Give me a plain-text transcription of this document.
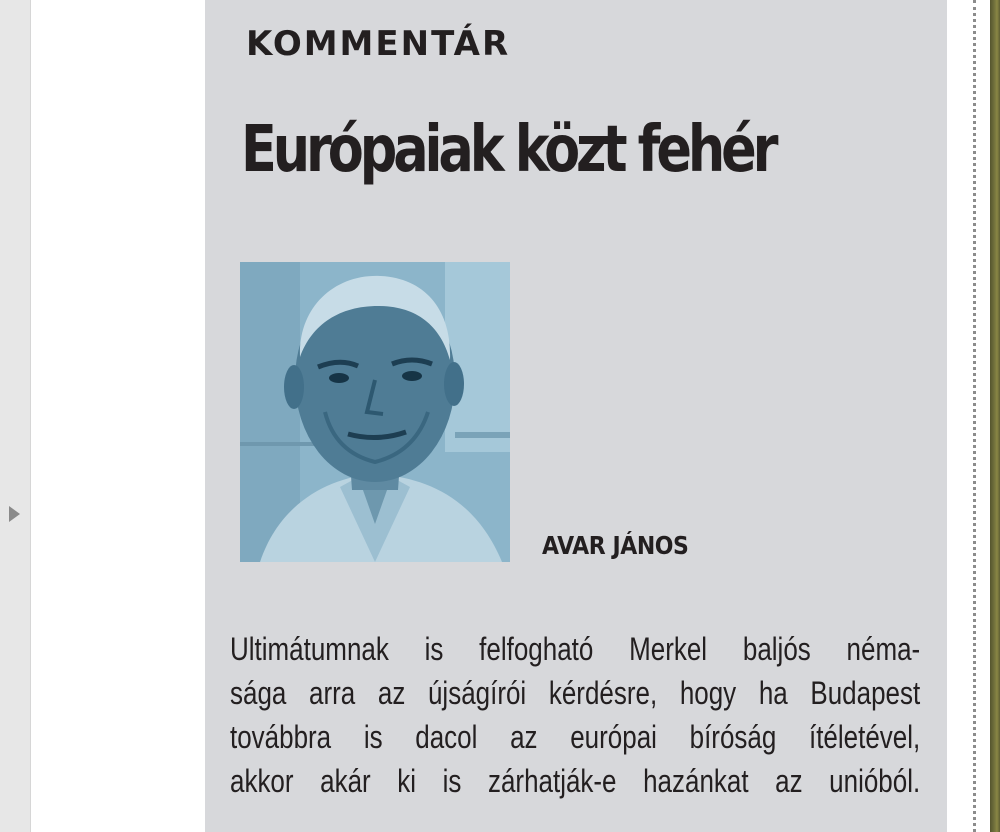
KOMMENTÁR
Európaiak közt fehér
AVAR JÁNOS
Ultimátumnak is felfogható Merkel baljós néma-
sága arra az újságírói kérdésre, hogy ha Budapest
továbbra is dacol az európai bíróság ítéletével,
akkor akár ki is zárhatják-e hazánkat az unióból.
